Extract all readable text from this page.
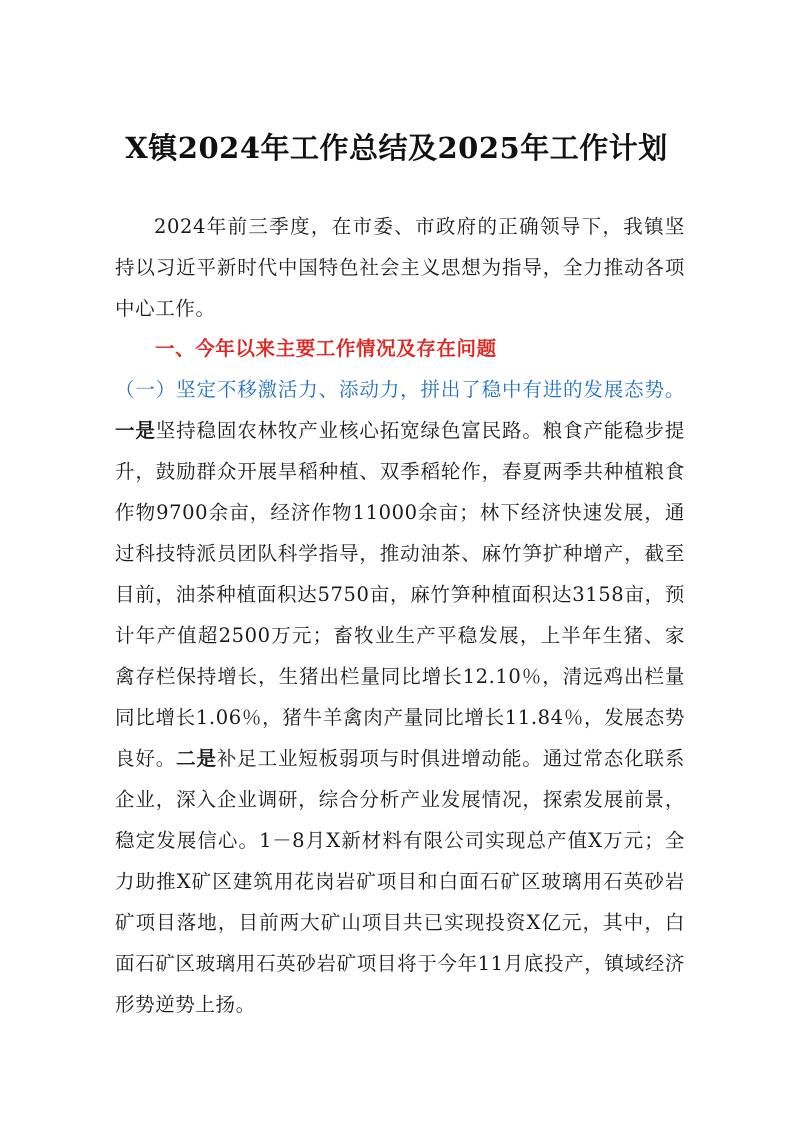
X镇2024年工作总结及2025年工作计划

2024年前三季度，在市委、市政府的正确领导下，我镇坚持以习近平新时代中国特色社会主义思想为指导，全力推动各项中心工作。

一、今年以来主要工作情况及存在问题

（一）坚定不移激活力、添动力，拼出了稳中有进的发展态势。一是坚持稳固农林牧产业核心拓宽绿色富民路。粮食产能稳步提升，鼓励群众开展旱稻种植、双季稻轮作，春夏两季共种植粮食作物9700余亩，经济作物11000余亩；林下经济快速发展，通过科技特派员团队科学指导，推动油茶、麻竹笋扩种增产，截至目前，油茶种植面积达5750亩，麻竹笋种植面积达3158亩，预计年产值超2500万元；畜牧业生产平稳发展，上半年生猪、家禽存栏保持增长，生猪出栏量同比增长12.10％，清远鸡出栏量同比增长1.06％，猪牛羊禽肉产量同比增长11.84％，发展态势良好。二是补足工业短板弱项与时俱进增动能。通过常态化联系企业，深入企业调研，综合分析产业发展情况，探索发展前景，稳定发展信心。1－8月X新材料有限公司实现总产值X万元；全力助推X矿区建筑用花岗岩矿项目和白面石矿区玻璃用石英砂岩矿项目落地，目前两大矿山项目共已实现投资X亿元，其中，白面石矿区玻璃用石英砂岩矿项目将于今年11月底投产，镇域经济形势逆势上扬。
